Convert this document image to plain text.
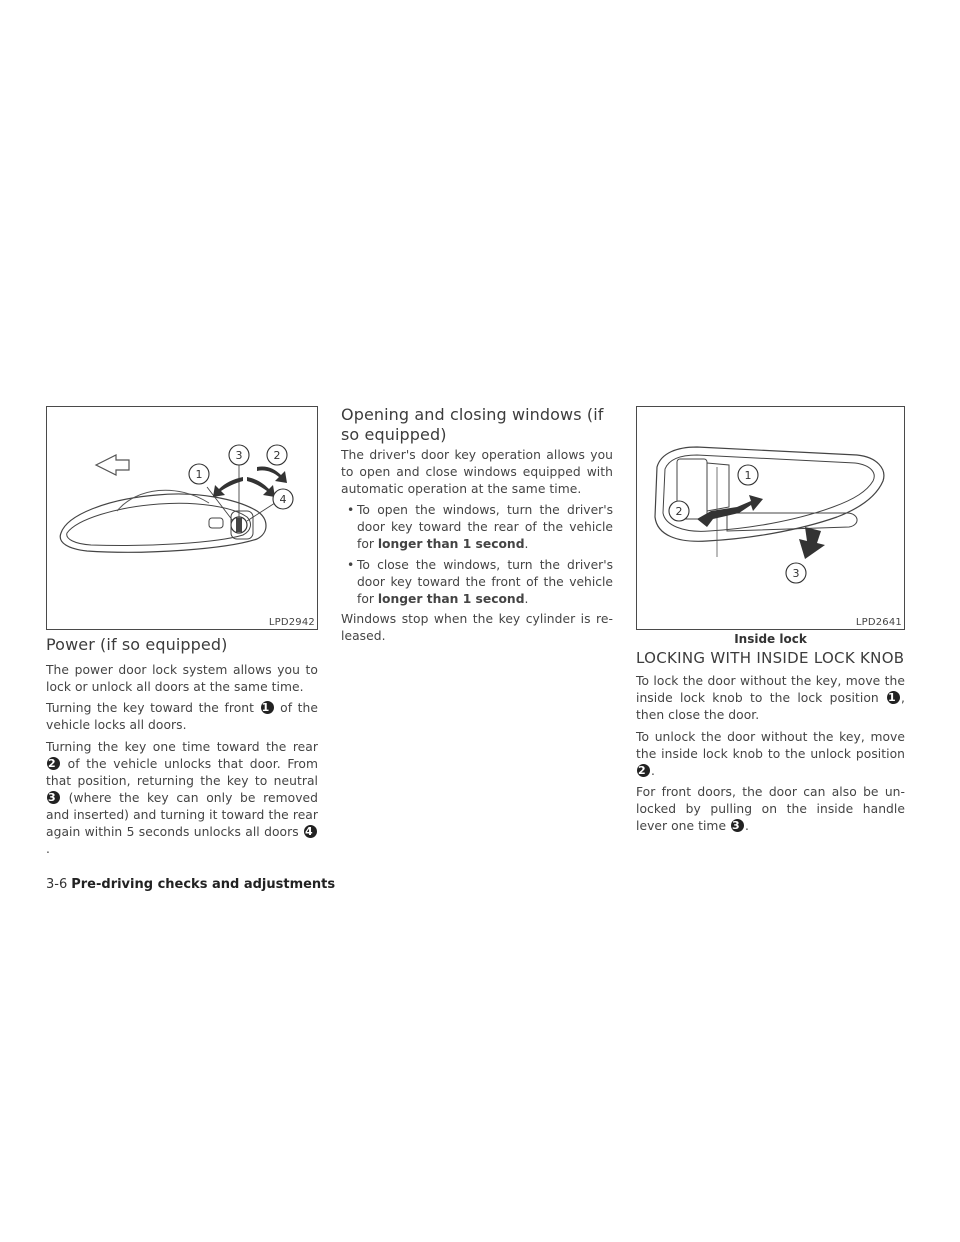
1
3	2
4
LPD2942
Power (if so equipped)

The power door lock system allows you to lock or unlock all doors at the same time.

Turning the key toward the front 1 of the vehicle locks all doors.

Turning the key one time toward the rear 2 of the vehicle unlocks that door. From that position, returning the key to neutral 3 (where the key can only be removed and inserted) and turning it toward the rear again within 5 seconds unlocks all doors 4.

Opening and closing windows (if
so equipped)

The driver's door key operation allows you to open and close windows equipped with automatic operation at the same time.

• To open the windows, turn the driver's door key toward the rear of the vehicle for longer than 1 second.
• To close the windows, turn the driver's door key toward the front of the vehicle for longer than 1 second.

Windows stop when the key cylinder is re-leased.

1
2
3
LPD2641
Inside lock
LOCKING WITH INSIDE LOCK KNOB

To lock the door without the key, move the inside lock knob to the lock position 1 , then close the door.

To unlock the door without the key, move the inside lock knob to the unlock position 2 .

For front doors, the door can also be un-locked by pulling on the inside handle lever one time 3 .

3-6 Pre-driving checks and adjustments
